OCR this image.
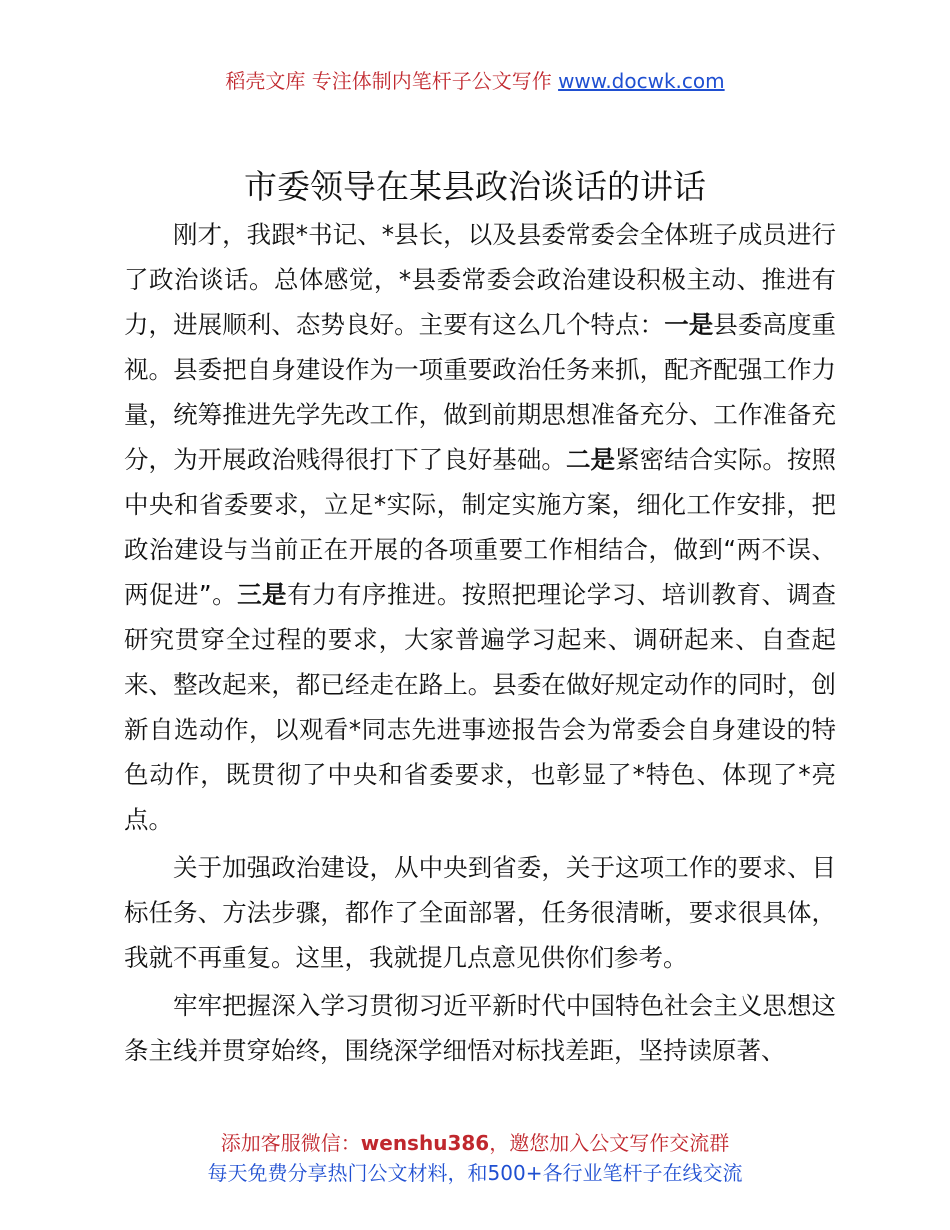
稻壳文库 专注体制内笔杆子公文写作 www.docwk.com
市委领导在某县政治谈话的讲话

刚才，我跟*书记、*县长，以及县委常委会全体班子成员进行了政治谈话。总体感觉，*县委常委会政治建设积极主动、推进有力，进展顺利、态势良好。主要有这么几个特点：一是县委高度重视。县委把自身建设作为一项重要政治任务来抓，配齐配强工作力量，统筹推进先学先改工作，做到前期思想准备充分、工作准备充分，为开展政治贱得很打下了良好基础。二是紧密结合实际。按照中央和省委要求，立足*实际，制定实施方案，细化工作安排，把政治建设与当前正在开展的各项重要工作相结合，做到“两不误、两促进”。三是有力有序推进。按照把理论学习、培训教育、调查研究贯穿全过程的要求，大家普遍学习起来、调研起来、自查起来、整改起来，都已经走在路上。县委在做好规定动作的同时，创新自选动作，以观看*同志先进事迹报告会为常委会自身建设的特色动作，既贯彻了中央和省委要求，也彰显了*特色、体现了*亮点。

关于加强政治建设，从中央到省委，关于这项工作的要求、目标任务、方法步骤，都作了全面部署，任务很清晰，要求很具体，我就不再重复。这里，我就提几点意见供你们参考。

牢牢把握深入学习贯彻习近平新时代中国特色社会主义思想这条主线并贯穿始终，围绕深学细悟对标找差距，坚持读原著、

添加客服微信：wenshu386，邀您加入公文写作交流群
每天免费分享热门公文材料，和500+各行业笔杆子在线交流
